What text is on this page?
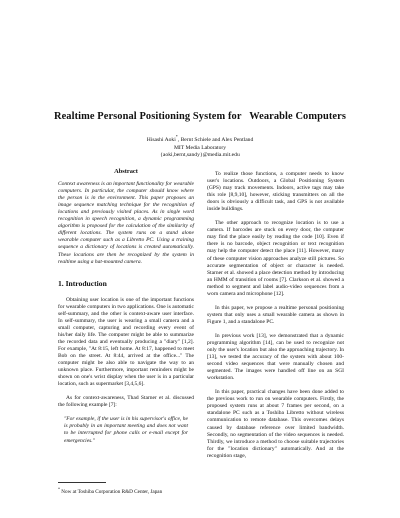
Realtime Personal Positioning System for   Wearable Computers
Hisashi Aoki*, Bernt Schiele and Alex Pentland
MIT Media Laboratory
{aoki,bernt,sandy}@media.mit.edu
Abstract

Context awareness is an important functionality for wearable computers. In particular, the computer should know where the person is in the environment. This paper proposes an image sequence matching technique for the recognition of locations and previously visited places. As in single word recognition in speech recognition, a dynamic programming algorithm is proposed for the calculation of the similarity of different locations. The system runs on a stand alone wearable computer such as a Libretto PC. Using a training sequence a dictionary of locations is created automatically. These locations are then be recognized by the system in realtime using a hat-mounted camera.

1. Introduction

Obtaining user location is one of the important functions for wearable computers in two applications. One is automatic self-summary, and the other is context-aware user interface. In self-summary, the user is wearing a small camera and a small computer, capturing and recording every event of his/her daily life. The computer might be able to summarize the recorded data and eventually producing a "diary" [1,2]. For example, "At 8:15, left home. At 8:17, happened to meet Bob on the street. At 8:44, arrived at the office..." The computer might be also able to navigate the way to an unknown place. Furthermore, important reminders might be shown on one's wrist display when the user is in a particular location, such as supermarket [3,4,5,6].

As for context-awareness, Thad Starner et al. discussed the following example [7]:

"For example, if the user is in his supervisor's office, he is probably in an important meeting and does not want to be interrupted for phone calls or e-mail except for emergencies."

To realize those functions, a computer needs to know user's locations. Outdoors, a Global Positioning System (GPS) may track movements. Indoors, active tags may take this role [8,9,10], however, sticking transmitters on all the doors is obviously a difficult task, and GPS is not available inside buildings.

The other approach to recognize location is to use a camera. If barcodes are stuck on every door, the computer may find the place easily by reading the code [10]. Even if there is no barcode, object recognition or text recognition may help the computer detect the place [11]. However, many of these computer vision approaches analyze still pictures. So accurate segmentation of object or character is needed. Starner et al. showed a place detection method by introducing an HMM of transition of rooms [7]. Clarkson et al. showed a method to segment and label audio-video sequences from a worn camera and microphone [12].

In this paper, we propose a realtime personal positioning system that only uses a small wearable camera as shown in Figure 1, and a standalone PC.

In previous work [13], we demonstrated that a dynamic programming algorithm [14], can be used to recognize not only the user's location but also the approaching trajectory. In [13], we tested the accuracy of the system with about 100-second video sequences that were manually chosen and segmented. The images were handled off line on an SGI workstation.

In this paper, practical changes have been done added to the previous work to run on wearable computers. Firstly, the proposed system runs at about 7 frames per second, on a standalone PC such as a Toshiba Libretto without wireless communication to remote database. This overcomes delays caused by database reference over limited bandwidth. Secondly, no segmentation of the video sequences is needed. Thirdly, we introduce a method to choose suitable trajectories for the "location dictionary" automatically. And at the recognition stage,

* Now at Toshiba Corporation R&D Center, Japan
